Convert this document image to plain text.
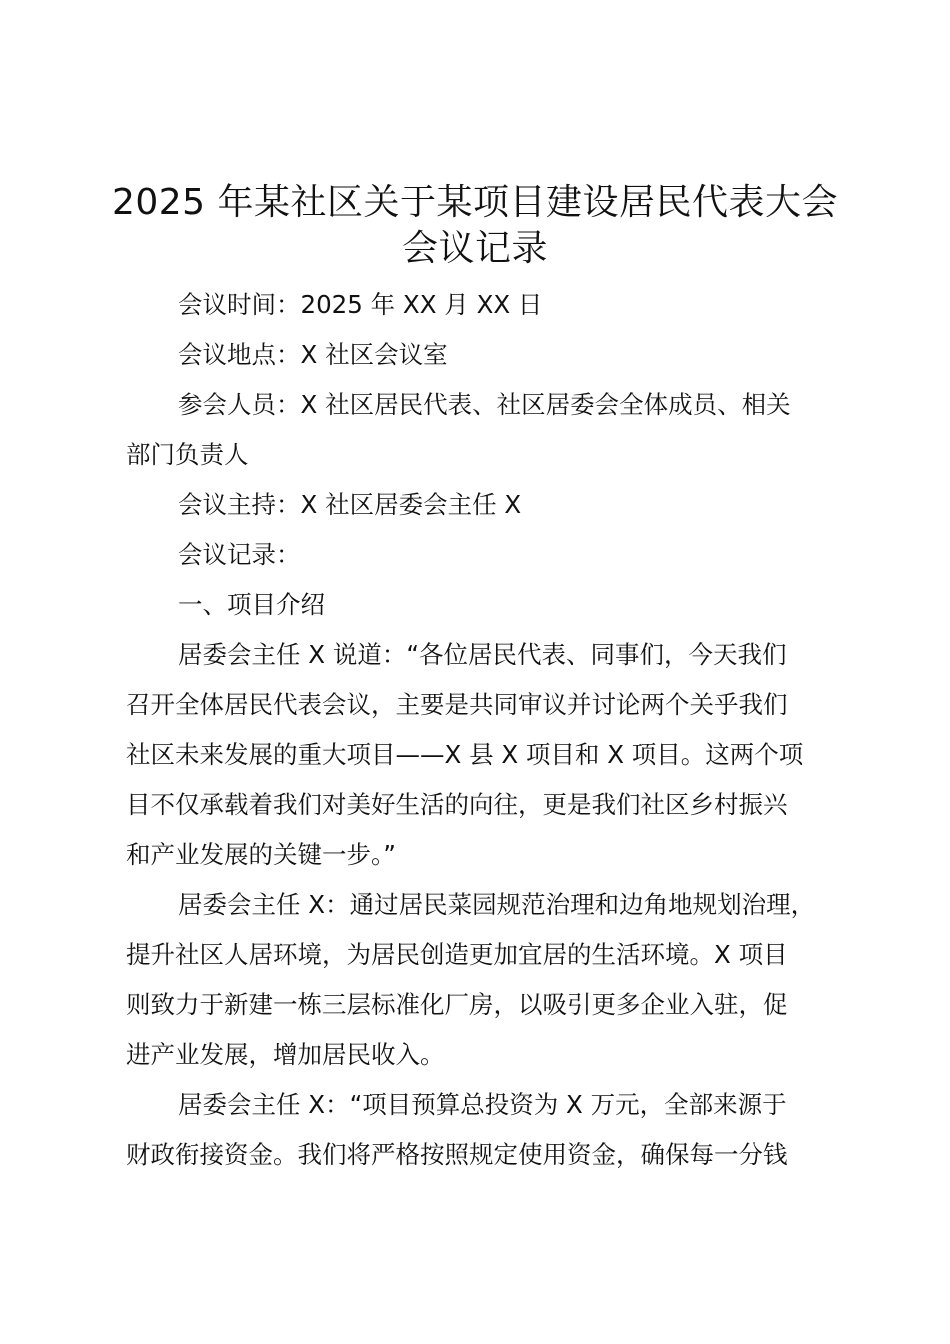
2025 年某社区关于某项目建设居民代表大会
会议记录
会议时间：2025 年 XX 月 XX 日
会议地点：X 社区会议室
参会人员：X 社区居民代表、社区居委会全体成员、相关
部门负责人
会议主持：X 社区居委会主任 X
会议记录：
一、项目介绍
居委会主任 X 说道：“各位居民代表、同事们，今天我们
召开全体居民代表会议，主要是共同审议并讨论两个关乎我们
社区未来发展的重大项目——X 县 X 项目和 X 项目。这两个项
目不仅承载着我们对美好生活的向往，更是我们社区乡村振兴
和产业发展的关键一步。”
居委会主任 X：通过居民菜园规范治理和边角地规划治理，
提升社区人居环境，为居民创造更加宜居的生活环境。X 项目
则致力于新建一栋三层标准化厂房，以吸引更多企业入驻，促
进产业发展，增加居民收入。
居委会主任 X：“项目预算总投资为 X 万元，全部来源于
财政衔接资金。我们将严格按照规定使用资金，确保每一分钱
